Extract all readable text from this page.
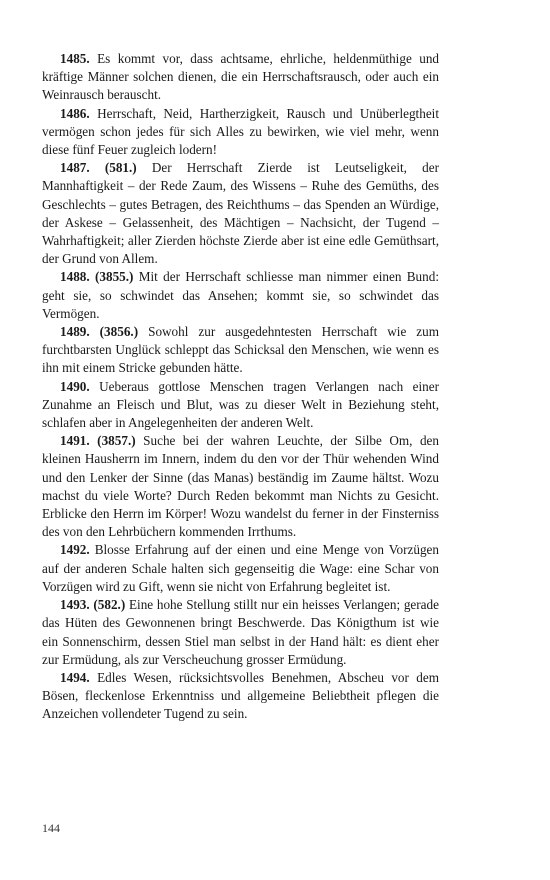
1485. Es kommt vor, dass achtsame, ehrliche, heldenmüthige und kräftige Männer solchen dienen, die ein Herrschaftsrausch, oder auch ein Weinrausch berauscht.

1486. Herrschaft, Neid, Hartherzigkeit, Rausch und Unüberlegtheit vermögen schon jedes für sich Alles zu bewirken, wie viel mehr, wenn diese fünf Feuer zugleich lodern!

1487. (581.) Der Herrschaft Zierde ist Leutseligkeit, der Mannhaftigkeit – der Rede Zaum, des Wissens – Ruhe des Gemüths, des Geschlechts – gutes Betragen, des Reichthums – das Spenden an Würdige, der Askese – Gelassenheit, des Mächtigen – Nachsicht, der Tugend – Wahrhaftigkeit; aller Zierden höchste Zierde aber ist eine edle Gemüthsart, der Grund von Allem.

1488. (3855.) Mit der Herrschaft schliesse man nimmer einen Bund: geht sie, so schwindet das Ansehen; kommt sie, so schwindet das Vermögen.

1489. (3856.) Sowohl zur ausgedehntesten Herrschaft wie zum furchtbarsten Unglück schleppt das Schicksal den Menschen, wie wenn es ihn mit einem Stricke gebunden hätte.

1490. Ueberaus gottlose Menschen tragen Verlangen nach einer Zunahme an Fleisch und Blut, was zu dieser Welt in Beziehung steht, schlafen aber in Angelegenheiten der anderen Welt.

1491. (3857.) Suche bei der wahren Leuchte, der Silbe Om, den kleinen Hausherrn im Innern, indem du den vor der Thür wehenden Wind und den Lenker der Sinne (das Manas) beständig im Zaume hältst. Wozu machst du viele Worte? Durch Reden bekommt man Nichts zu Gesicht. Erblicke den Herrn im Körper! Wozu wandelst du ferner in der Finsterniss des von den Lehrbüchern kommenden Irrthums.

1492. Blosse Erfahrung auf der einen und eine Menge von Vorzügen auf der anderen Schale halten sich gegenseitig die Wage: eine Schar von Vorzügen wird zu Gift, wenn sie nicht von Erfahrung begleitet ist.

1493. (582.) Eine hohe Stellung stillt nur ein heisses Verlangen; gerade das Hüten des Gewonnenen bringt Beschwerde. Das Königthum ist wie ein Sonnenschirm, dessen Stiel man selbst in der Hand hält: es dient eher zur Ermüdung, als zur Verscheuchung grosser Ermüdung.

1494. Edles Wesen, rücksichtsvolles Benehmen, Abscheu vor dem Bösen, fleckenlose Erkenntniss und allgemeine Beliebtheit pflegen die Anzeichen vollendeter Tugend zu sein.

144
